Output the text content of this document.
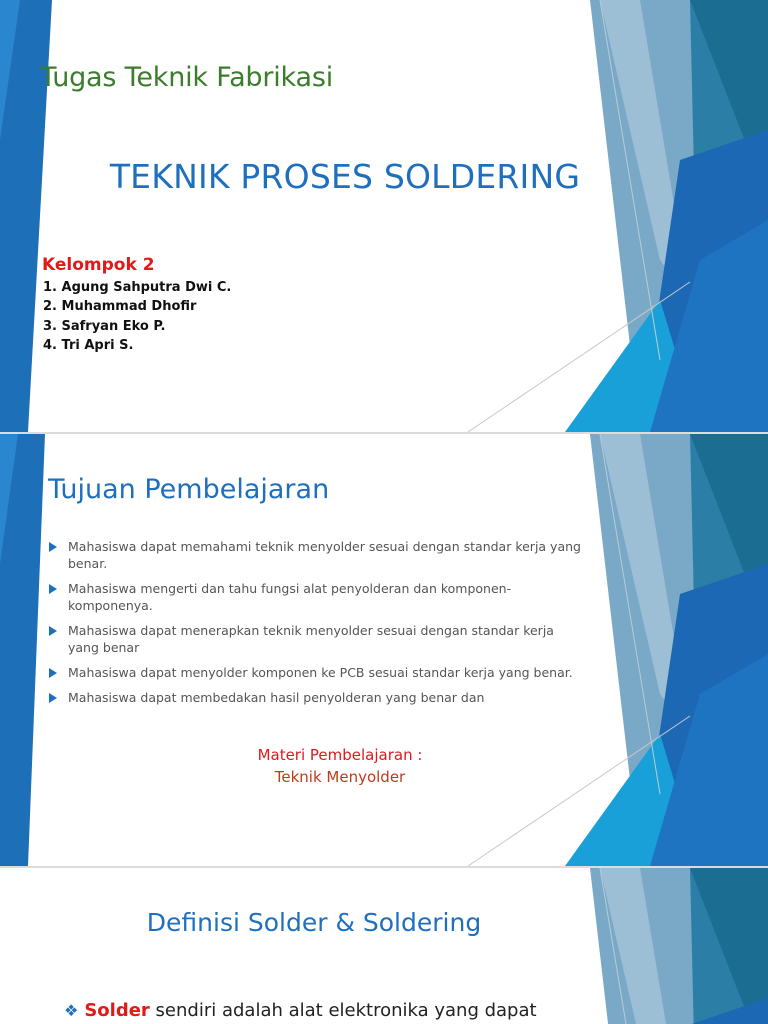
Tugas Teknik Fabrikasi
TEKNIK PROSES SOLDERING
Kelompok 2
1. Agung Sahputra Dwi C.
2. Muhammad Dhofir
3. Safryan Eko P.
4. Tri Apri S.
Tujuan Pembelajaran
Mahasiswa dapat memahami teknik menyolder sesuai dengan standar kerja yang benar.
Mahasiswa mengerti dan tahu fungsi alat penyolderan dan komponen-komponenya.
Mahasiswa dapat menerapkan teknik menyolder sesuai dengan standar kerja yang benar
Mahasiswa dapat menyolder komponen ke PCB sesuai standar kerja yang benar.
Mahasiswa dapat membedakan hasil penyolderan yang benar dan
Materi Pembelajaran :
Teknik Menyolder
Definisi Solder & Soldering
❖ Solder sendiri adalah alat elektronika yang dapat
